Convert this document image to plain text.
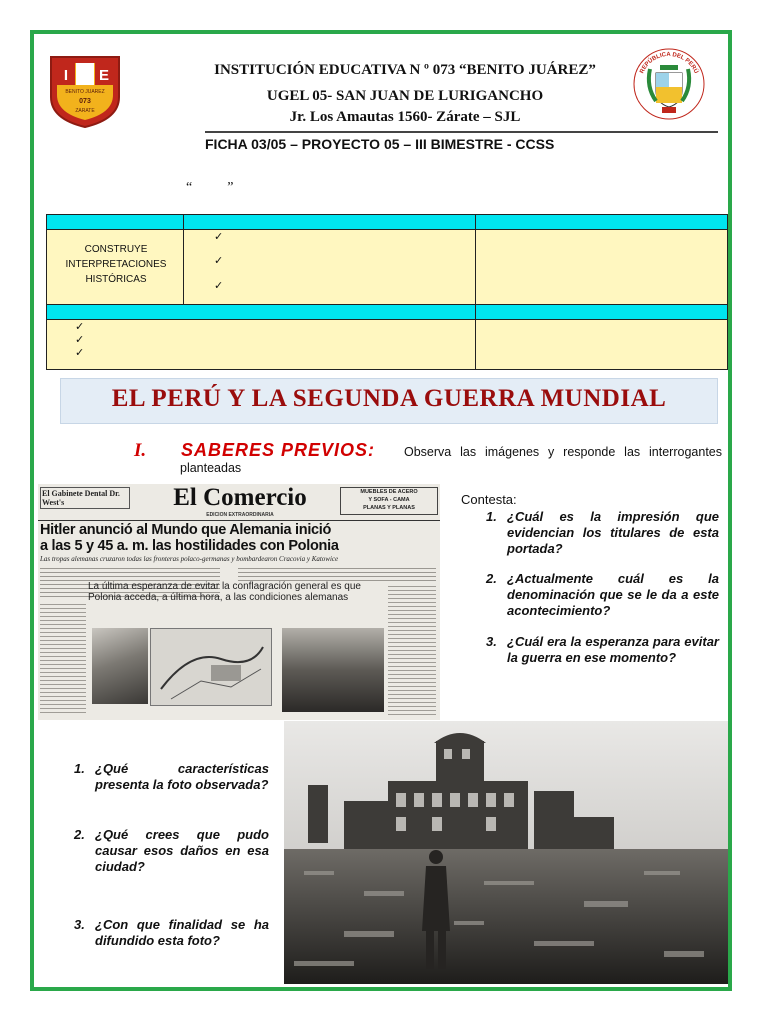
I E
BENITO JUAREZ
073
ZARATE
INSTITUCIÓN EDUCATIVA N º 073 “BENITO JUÁREZ”
UGEL 05- SAN JUAN DE LURIGANCHO
Jr. Los Amautas 1560- Zárate – SJL
REPÚBLICA DEL PERÚ
FICHA 03/05 – PROYECTO 05 – III BIMESTRE - CCSS
“          ”
CONSTRUYE INTERPRETACIONES HISTÓRICAS
✓
✓
✓
✓
✓
✓
EL PERÚ Y LA SEGUNDA GUERRA MUNDIAL
I. SABERES PREVIOS:	Observa las imágenes y responde las interrogantes planteadas
El Gabinete Dental Dr. West's	El Comercio
EDICION EXTRAORDINARIA
MUEBLES DE ACERO
Y SOFA - CAMA
PLANAS Y PLANAS
Hitler anunció al Mundo que Alemania inició
a las 5 y 45 a. m. las hostilidades con Polonia
Las tropas alemanas cruzaron todas las fronteras polaco-germanas y bombardearon Cracovia y Katowice
La última esperanza de evitar la conflagración general es que Polonia acceda, a última hora, a las condiciones alemanas
Contesta:
1. ¿Cuál es la impresión que evidencian los titulares de esta portada?
2. ¿Actualmente cuál es la denominación que se le da a este acontecimiento?
3. ¿Cuál era la esperanza para evitar la guerra en ese momento?
1. ¿Qué características presenta la foto observada?
2. ¿Qué crees que pudo causar esos daños en esa ciudad?
3. ¿Con que finalidad se ha difundido esta foto?
